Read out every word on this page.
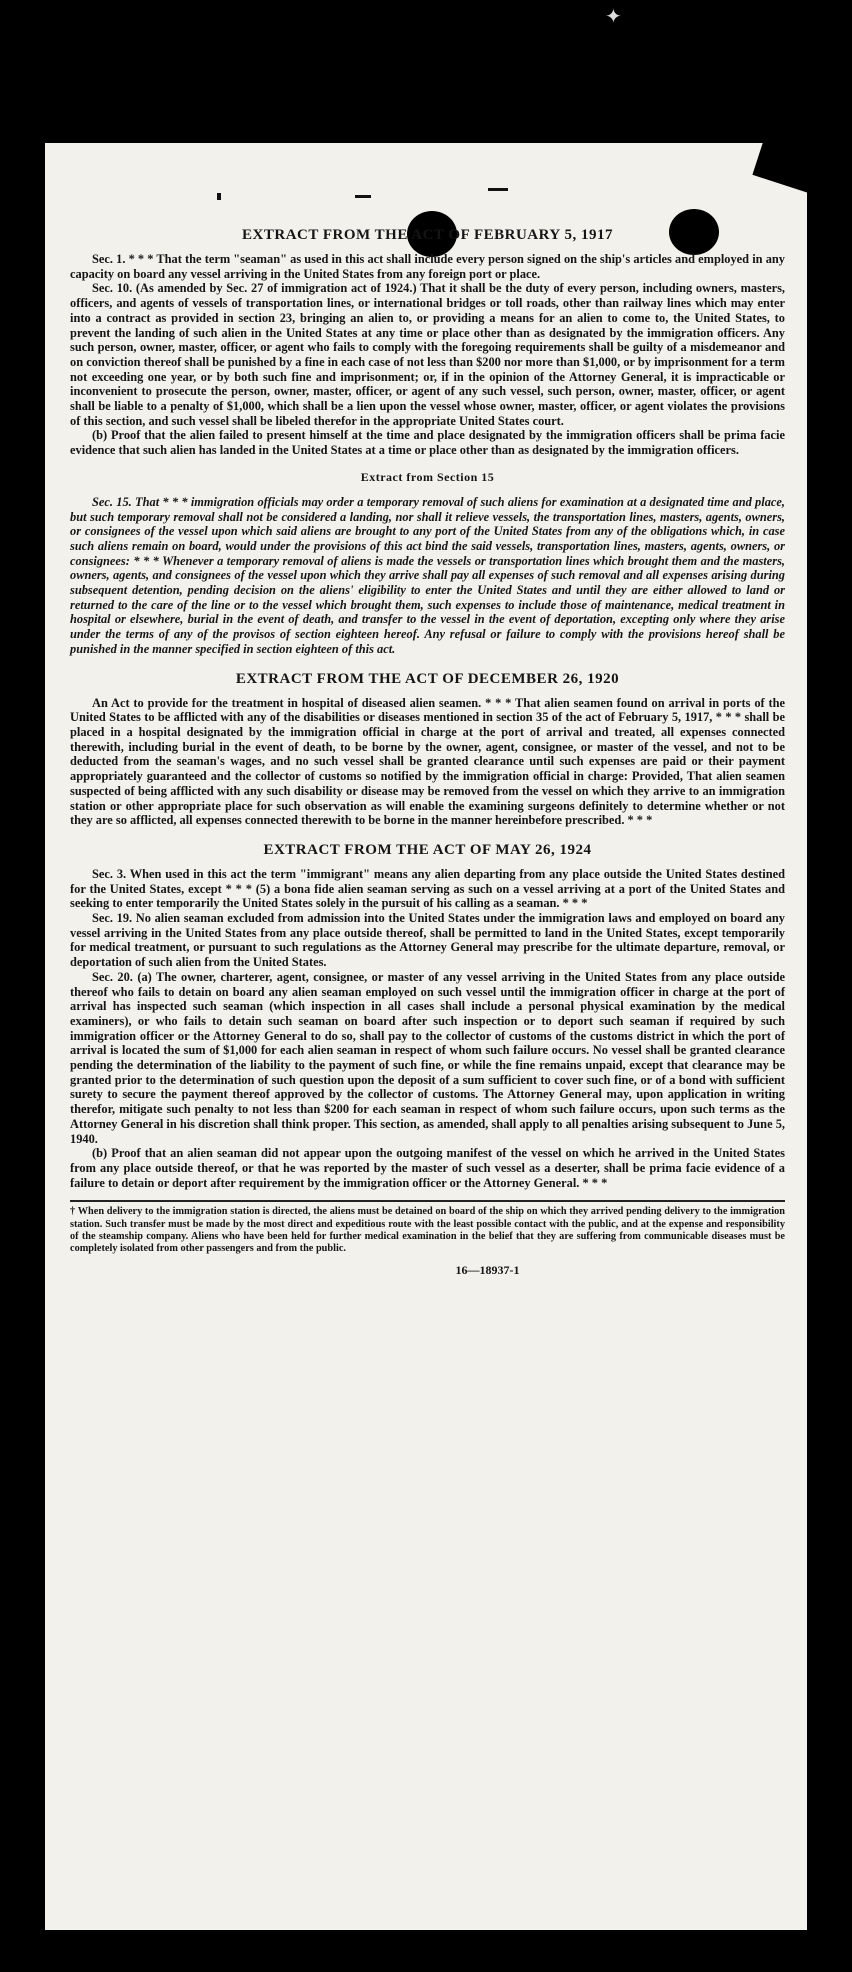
✦
EXTRACT FROM THE ACT OF FEBRUARY 5, 1917

Sec. 1. * * * That the term "seaman" as used in this act shall include every person signed on the ship's articles and employed in any capacity on board any vessel arriving in the United States from any foreign port or place.

Sec. 10. (As amended by Sec. 27 of immigration act of 1924.) That it shall be the duty of every person, including owners, masters, officers, and agents of vessels of transportation lines, or international bridges or toll roads, other than railway lines which may enter into a contract as provided in section 23, bringing an alien to, or providing a means for an alien to come to, the United States, to prevent the landing of such alien in the United States at any time or place other than as designated by the immigration officers. Any such person, owner, master, officer, or agent who fails to comply with the foregoing requirements shall be guilty of a misdemeanor and on conviction thereof shall be punished by a fine in each case of not less than $200 nor more than $1,000, or by imprisonment for a term not exceeding one year, or by both such fine and imprisonment; or, if in the opinion of the Attorney General, it is impracticable or inconvenient to prosecute the person, owner, master, officer, or agent of any such vessel, such person, owner, master, officer, or agent shall be liable to a penalty of $1,000, which shall be a lien upon the vessel whose owner, master, officer, or agent violates the provisions of this section, and such vessel shall be libeled therefor in the appropriate United States court.

(b) Proof that the alien failed to present himself at the time and place designated by the immigration officers shall be prima facie evidence that such alien has landed in the United States at a time or place other than as designated by the immigration officers.

Extract from Section 15

Sec. 15. That * * * immigration officials may order a temporary removal of such aliens for examination at a designated time and place, but such temporary removal shall not be considered a landing, nor shall it relieve vessels, the transportation lines, masters, agents, owners, or consignees of the vessel upon which said aliens are brought to any port of the United States from any of the obligations which, in case such aliens remain on board, would under the provisions of this act bind the said vessels, transportation lines, masters, agents, owners, or consignees: * * * Whenever a temporary removal of aliens is made the vessels or transportation lines which brought them and the masters, owners, agents, and consignees of the vessel upon which they arrive shall pay all expenses of such removal and all expenses arising during subsequent detention, pending decision on the aliens' eligibility to enter the United States and until they are either allowed to land or returned to the care of the line or to the vessel which brought them, such expenses to include those of maintenance, medical treatment in hospital or elsewhere, burial in the event of death, and transfer to the vessel in the event of deportation, excepting only where they arise under the terms of any of the provisos of section eighteen hereof. Any refusal or failure to comply with the provisions hereof shall be punished in the manner specified in section eighteen of this act.

EXTRACT FROM THE ACT OF DECEMBER 26, 1920

An Act to provide for the treatment in hospital of diseased alien seamen. * * * That alien seamen found on arrival in ports of the United States to be afflicted with any of the disabilities or diseases mentioned in section 35 of the act of February 5, 1917, * * * shall be placed in a hospital designated by the immigration official in charge at the port of arrival and treated, all expenses connected therewith, including burial in the event of death, to be borne by the owner, agent, consignee, or master of the vessel, and not to be deducted from the seaman's wages, and no such vessel shall be granted clearance until such expenses are paid or their payment appropriately guaranteed and the collector of customs so notified by the immigration official in charge: Provided, That alien seamen suspected of being afflicted with any such disability or disease may be removed from the vessel on which they arrive to an immigration station or other appropriate place for such observation as will enable the examining surgeons definitely to determine whether or not they are so afflicted, all expenses connected therewith to be borne in the manner hereinbefore prescribed. * * *

EXTRACT FROM THE ACT OF MAY 26, 1924

Sec. 3. When used in this act the term "immigrant" means any alien departing from any place outside the United States destined for the United States, except * * * (5) a bona fide alien seaman serving as such on a vessel arriving at a port of the United States and seeking to enter temporarily the United States solely in the pursuit of his calling as a seaman. * * *

Sec. 19. No alien seaman excluded from admission into the United States under the immigration laws and employed on board any vessel arriving in the United States from any place outside thereof, shall be permitted to land in the United States, except temporarily for medical treatment, or pursuant to such regulations as the Attorney General may prescribe for the ultimate departure, removal, or deportation of such alien from the United States.

Sec. 20. (a) The owner, charterer, agent, consignee, or master of any vessel arriving in the United States from any place outside thereof who fails to detain on board any alien seaman employed on such vessel until the immigration officer in charge at the port of arrival has inspected such seaman (which inspection in all cases shall include a personal physical examination by the medical examiners), or who fails to detain such seaman on board after such inspection or to deport such seaman if required by such immigration officer or the Attorney General to do so, shall pay to the collector of customs of the customs district in which the port of arrival is located the sum of $1,000 for each alien seaman in respect of whom such failure occurs. No vessel shall be granted clearance pending the determination of the liability to the payment of such fine, or while the fine remains unpaid, except that clearance may be granted prior to the determination of such question upon the deposit of a sum sufficient to cover such fine, or of a bond with sufficient surety to secure the payment thereof approved by the collector of customs. The Attorney General may, upon application in writing therefor, mitigate such penalty to not less than $200 for each seaman in respect of whom such failure occurs, upon such terms as the Attorney General in his discretion shall think proper. This section, as amended, shall apply to all penalties arising subsequent to June 5, 1940.

(b) Proof that an alien seaman did not appear upon the outgoing manifest of the vessel on which he arrived in the United States from any place outside thereof, or that he was reported by the master of such vessel as a deserter, shall be prima facie evidence of a failure to detain or deport after requirement by the immigration officer or the Attorney General. * * *

† When delivery to the immigration station is directed, the aliens must be detained on board of the ship on which they arrived pending delivery to the immigration station. Such transfer must be made by the most direct and expeditious route with the least possible contact with the public, and at the expense and responsibility of the steamship company. Aliens who have been held for further medical examination in the belief that they are suffering from communicable diseases must be completely isolated from other passengers and from the public.

16—18937-1
